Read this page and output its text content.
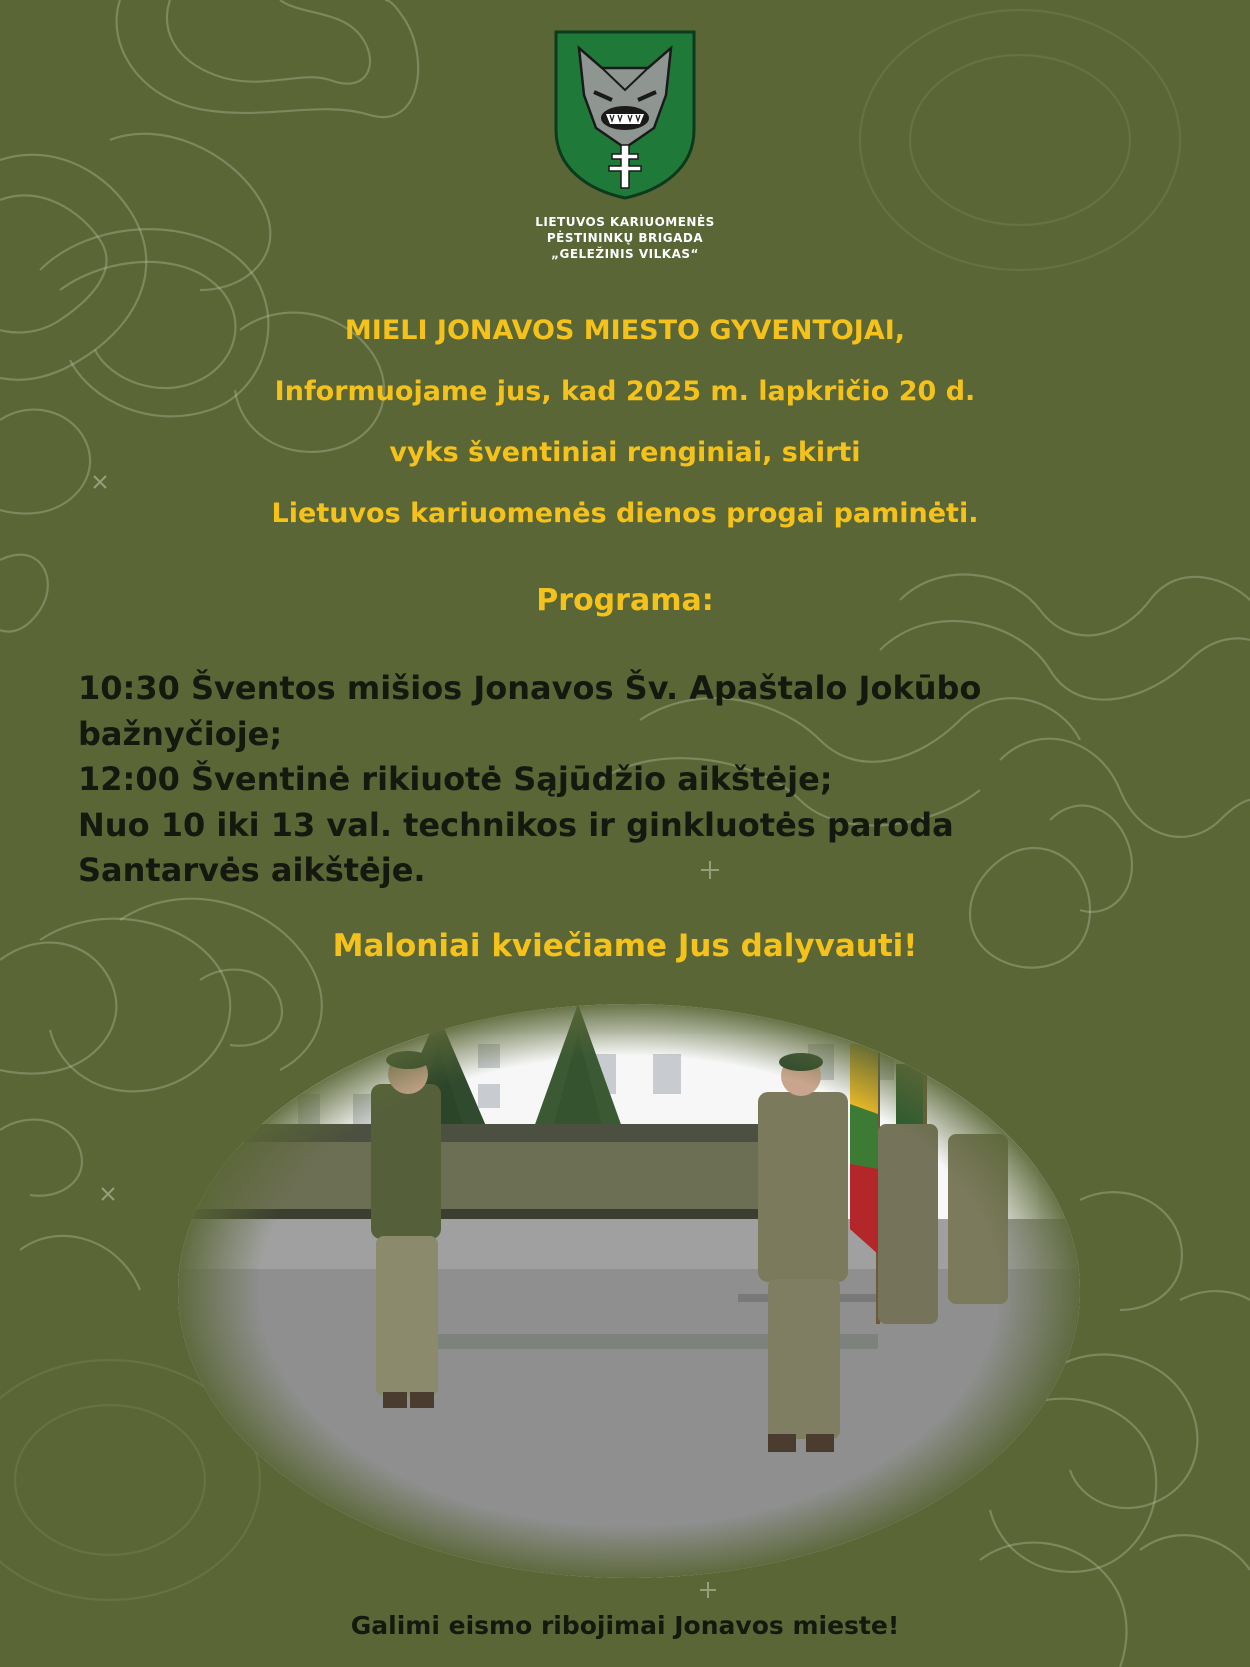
LIETUVOS KARIUOMENĖS
PĖSTININKŲ BRIGADA
„GELEŽINIS VILKAS“
MIELI JONAVOS MIESTO GYVENTOJAI,
Informuojame jus, kad 2025 m. lapkričio 20 d.
vyks šventiniai renginiai, skirti
Lietuvos kariuomenės dienos progai paminėti.
Programa:
10:30 Šventos mišios Jonavos Šv. Apaštalo Jokūbo
bažnyčioje;
12:00 Šventinė rikiuotė Sąjūdžio aikštėje;
Nuo 10 iki 13 val. technikos ir ginkluotės paroda
Santarvės aikštėje.
Maloniai kviečiame Jus dalyvauti!
Galimi eismo ribojimai Jonavos mieste!
